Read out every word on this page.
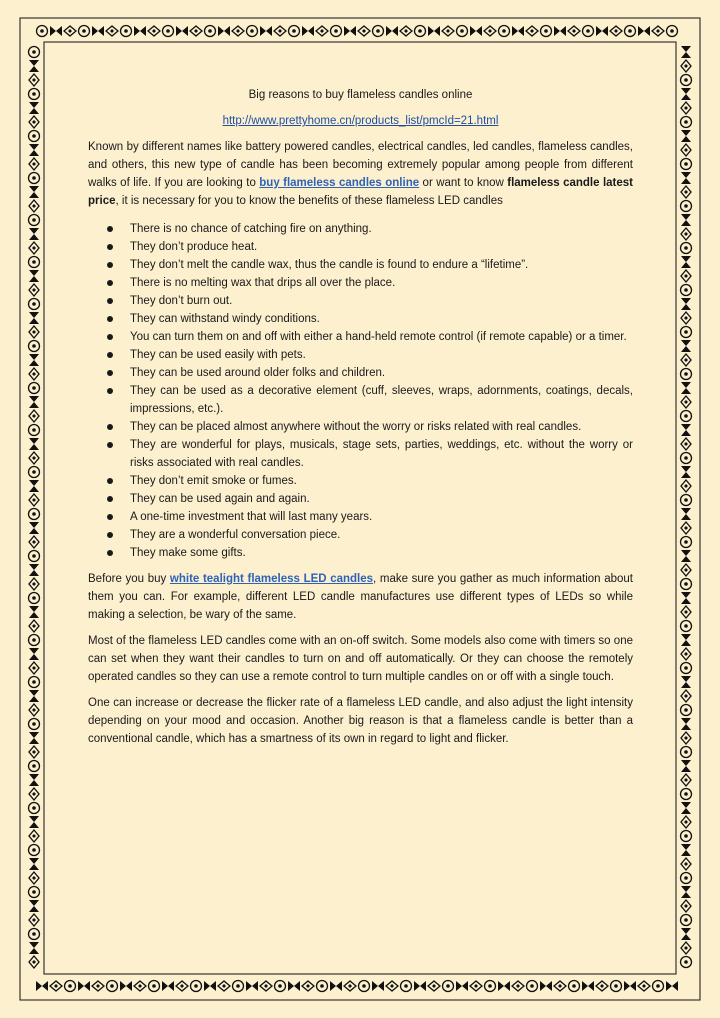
Big reasons to buy flameless candles online
http://www.prettyhome.cn/products_list/pmcId=21.html

Known by different names like battery powered candles, electrical candles, led candles, flameless candles, and others, this new type of candle has been becoming extremely popular among people from different walks of life. If you are looking to buy flameless candles online or want to know flameless candle latest price, it is necessary for you to know the benefits of these flameless LED candles

There is no chance of catching fire on anything.
They don’t produce heat.
They don’t melt the candle wax, thus the candle is found to endure a “lifetime”.
There is no melting wax that drips all over the place.
They don’t burn out.
They can withstand windy conditions.
You can turn them on and off with either a hand-held remote control (if remote capable) or a timer.
They can be used easily with pets.
They can be used around older folks and children.
They can be used as a decorative element (cuff, sleeves, wraps, adornments, coatings, decals, impressions, etc.).
They can be placed almost anywhere without the worry or risks related with real candles.
They are wonderful for plays, musicals, stage sets, parties, weddings, etc. without the worry or risks associated with real candles.
They don’t emit smoke or fumes.
They can be used again and again.
A one-time investment that will last many years.
They are a wonderful conversation piece.
They make some gifts.

Before you buy white tealight flameless LED candles, make sure you gather as much information about them you can. For example, different LED candle manufactures use different types of LEDs so while making a selection, be wary of the same.

Most of the flameless LED candles come with an on-off switch. Some models also come with timers so one can set when they want their candles to turn on and off automatically. Or they can choose the remotely operated candles so they can use a remote control to turn multiple candles on or off with a single touch.

One can increase or decrease the flicker rate of a flameless LED candle, and also adjust the light intensity depending on your mood and occasion. Another big reason is that a flameless candle is better than a conventional candle, which has a smartness of its own in regard to light and flicker.
